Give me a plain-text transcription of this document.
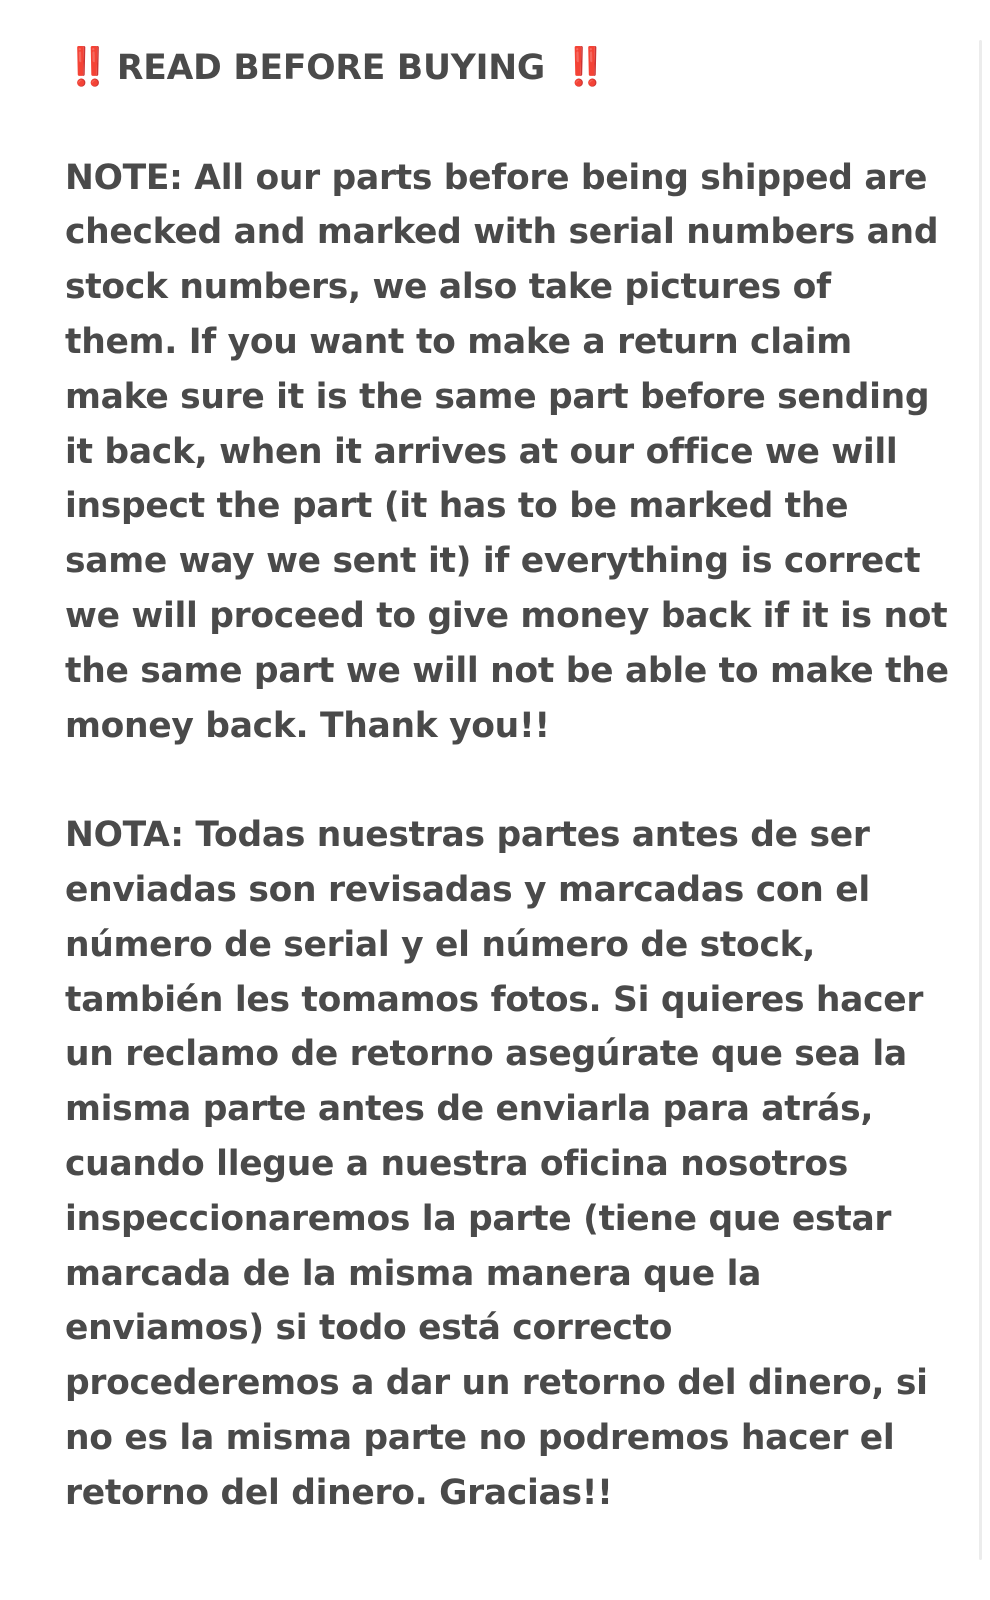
‼️ READ BEFORE BUYING ‼️
NOTE: All our parts before being shipped are
checked and marked with serial numbers and
stock numbers, we also take pictures of
them. If you want to make a return claim
make sure it is the same part before sending
it back, when it arrives at our office we will
inspect the part (it has to be marked the
same way we sent it) if everything is correct
we will proceed to give money back if it is not
the same part we will not be able to make the
money back. Thank you!!
NOTA: Todas nuestras partes antes de ser
enviadas son revisadas y marcadas con el
número de serial y el número de stock,
también les tomamos fotos. Si quieres hacer
un reclamo de retorno asegúrate que sea la
misma parte antes de enviarla para atrás,
cuando llegue a nuestra oficina nosotros
inspeccionaremos la parte (tiene que estar
marcada de la misma manera que la
enviamos) si todo está correcto
procederemos a dar un retorno del dinero, si
no es la misma parte no podremos hacer el
retorno del dinero. Gracias!!
